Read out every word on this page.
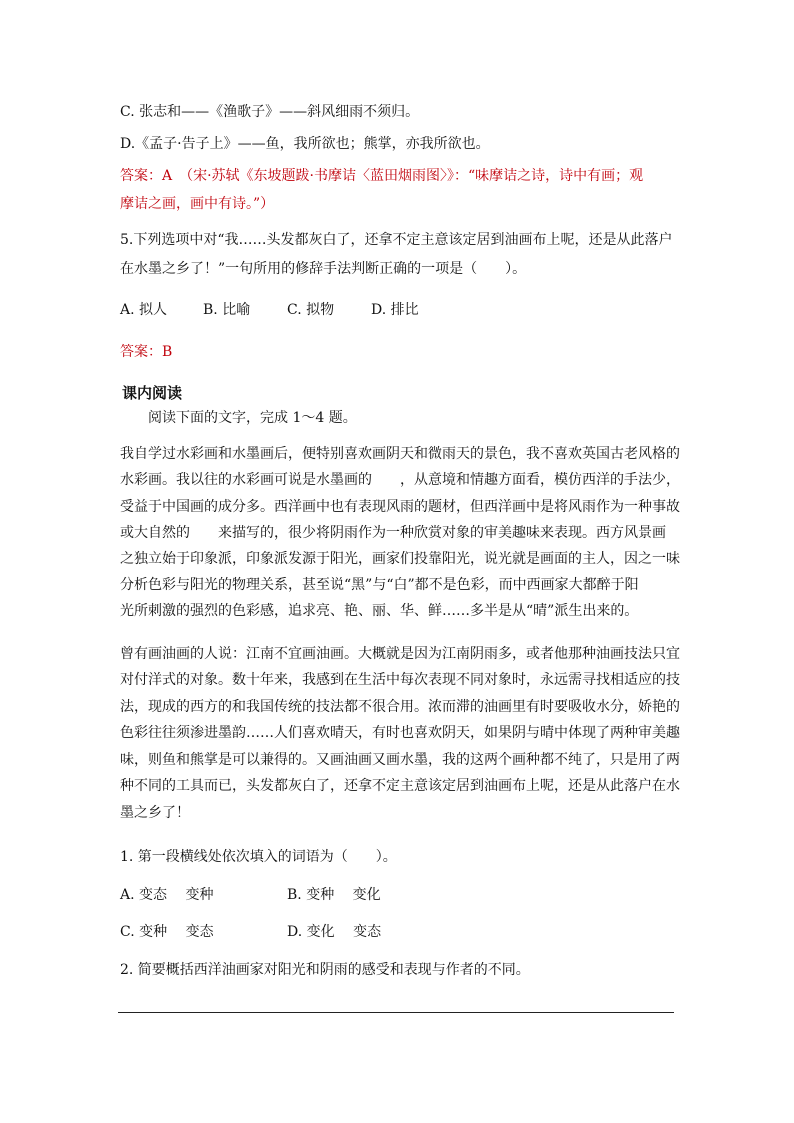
C. 张志和——《渔歌子》——斜风细雨不须归。
D.《孟子·告子上》——鱼，我所欲也；熊掌，亦我所欲也。
答案：A　（宋·苏轼《东坡题跋·书摩诘〈蓝田烟雨图〉》：“味摩诘之诗，诗中有画；观
摩诘之画，画中有诗。”）
5.下列选项中对“我……头发都灰白了，还拿不定主意该定居到油画布上呢，还是从此落户
在水墨之乡了！”一句所用的修辞手法判断正确的一项是（　　）。
A. 拟人	B. 比喻	C. 拟物	D. 排比
答案：B
课内阅读
阅读下面的文字，完成 1～4 题。
我自学过水彩画和水墨画后，便特别喜欢画阴天和微雨天的景色，我不喜欢英国古老风格的
水彩画。我以往的水彩画可说是水墨画的 ，从意境和情趣方面看，模仿西洋的手法少，
受益于中国画的成分多。西洋画中也有表现风雨的题材，但西洋画中是将风雨作为一种事故
或大自然的 来描写的，很少将阴雨作为一种欣赏对象的审美趣味来表现。西方风景画
之独立始于印象派，印象派发源于阳光，画家们投靠阳光，说光就是画面的主人，因之一味
分析色彩与阳光的物理关系，甚至说“黑”与“白”都不是色彩，而中西画家大都醉于阳
光所刺激的强烈的色彩感，追求亮、艳、丽、华、鲜……多半是从“晴”派生出来的。
曾有画油画的人说：江南不宜画油画。大概就是因为江南阴雨多，或者他那种油画技法只宜
对付洋式的对象。数十年来，我感到在生活中每次表现不同对象时，永远需寻找相适应的技
法，现成的西方的和我国传统的技法都不很合用。浓而滞的油画里有时要吸收水分，娇艳的
色彩往往须渗进墨韵……人们喜欢晴天，有时也喜欢阴天，如果阴与晴中体现了两种审美趣
味，则鱼和熊掌是可以兼得的。又画油画又画水墨，我的这两个画种都不纯了，只是用了两
种不同的工具而已，头发都灰白了，还拿不定主意该定居到油画布上呢，还是从此落户在水
墨之乡了！
1. 第一段横线处依次填入的词语为（　　）。
A. 变态　 变种	B. 变种　 变化
C. 变种　 变态	D. 变化　 变态
2. 简要概括西洋油画家对阳光和阴雨的感受和表现与作者的不同。
